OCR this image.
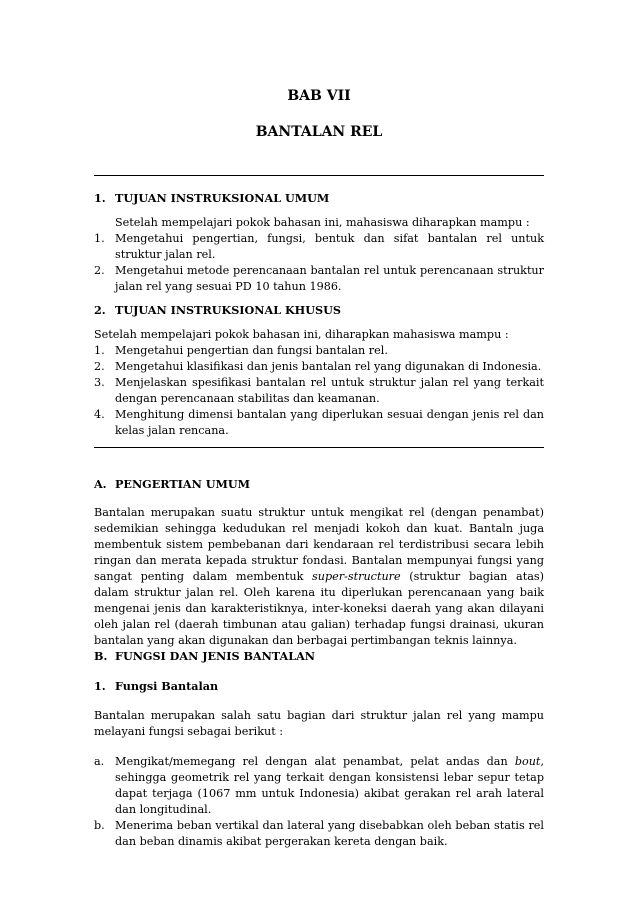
BAB VII
BANTALAN REL
1. TUJUAN INSTRUKSIONAL UMUM
Setelah mempelajari pokok bahasan ini, mahasiswa diharapkan mampu :
1. Mengetahui pengertian, fungsi, bentuk dan sifat bantalan rel untuk struktur jalan rel.
2. Mengetahui metode perencanaan bantalan rel untuk perencanaan struktur jalan rel yang sesuai PD 10 tahun 1986.
2. TUJUAN INSTRUKSIONAL KHUSUS
Setelah mempelajari pokok bahasan ini, diharapkan mahasiswa mampu :
1. Mengetahui pengertian dan fungsi bantalan rel.
2. Mengetahui klasifikasi dan jenis bantalan rel yang digunakan di Indonesia.
3. Menjelaskan spesifikasi bantalan rel untuk struktur jalan rel yang terkait dengan perencanaan stabilitas dan keamanan.
4. Menghitung dimensi bantalan yang diperlukan sesuai dengan jenis rel dan kelas jalan rencana.
A. PENGERTIAN UMUM

Bantalan merupakan suatu struktur untuk mengikat rel (dengan penambat) sedemikian sehingga kedudukan rel menjadi kokoh dan kuat. Bantaln juga membentuk sistem pembebanan dari kendaraan rel terdistribusi secara lebih ringan dan merata kepada struktur fondasi. Bantalan mempunyai fungsi yang sangat penting dalam membentuk super-structure (struktur bagian atas) dalam struktur jalan rel. Oleh karena itu diperlukan perencanaan yang baik mengenai jenis dan karakteristiknya, inter-koneksi daerah yang akan dilayani oleh jalan rel (daerah timbunan atau galian) terhadap fungsi drainasi, ukuran bantalan yang akan digunakan dan berbagai pertimbangan teknis lainnya.

B. FUNGSI DAN JENIS BANTALAN
1. Fungsi Bantalan

Bantalan merupakan salah satu bagian dari struktur jalan rel yang mampu melayani fungsi sebagai berikut :

a. Mengikat/memegang rel dengan alat penambat, pelat andas dan bout, sehingga geometrik rel yang terkait dengan konsistensi lebar sepur tetap dapat terjaga (1067 mm untuk Indonesia) akibat gerakan rel arah lateral dan longitudinal.
b. Menerima beban vertikal dan lateral yang disebabkan oleh beban statis rel dan beban dinamis akibat pergerakan kereta dengan baik.
